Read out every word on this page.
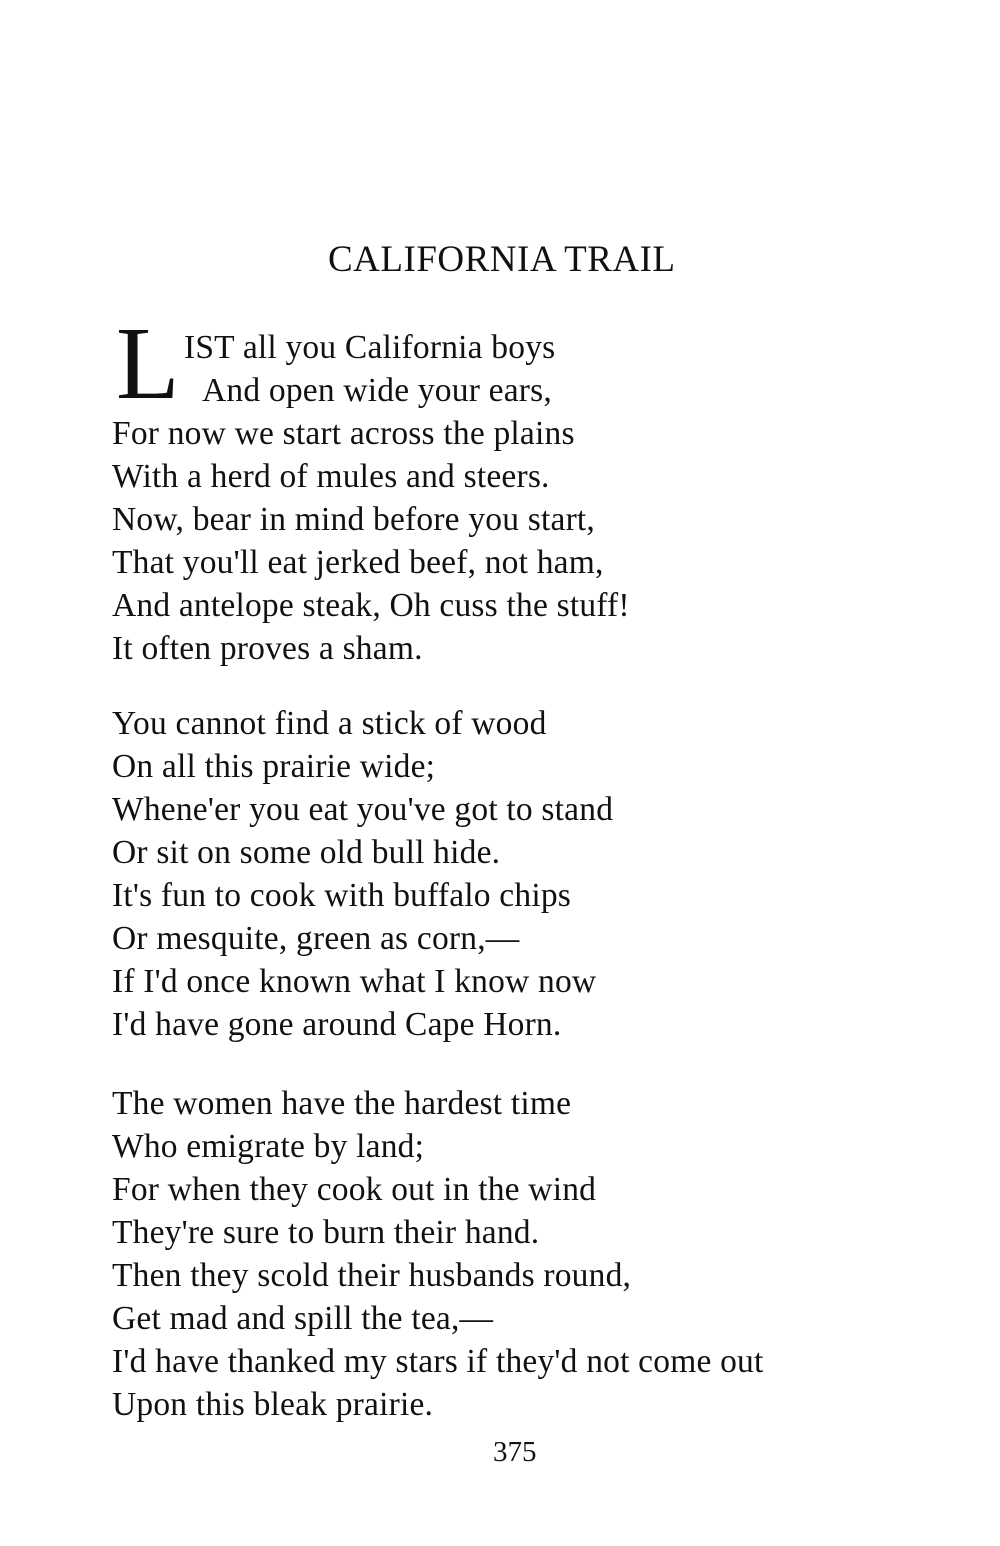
CALIFORNIA TRAIL
L IST all you California boys
And open wide your ears,
For now we start across the plains
With a herd of mules and steers.
Now, bear in mind before you start,
That you'll eat jerked beef, not ham,
And antelope steak, Oh cuss the stuff!
It often proves a sham.
You cannot find a stick of wood
On all this prairie wide;
Whene'er you eat you've got to stand
Or sit on some old bull hide.
It's fun to cook with buffalo chips
Or mesquite, green as corn,—
If I'd once known what I know now
I'd have gone around Cape Horn.
The women have the hardest time
Who emigrate by land;
For when they cook out in the wind
They're sure to burn their hand.
Then they scold their husbands round,
Get mad and spill the tea,—
I'd have thanked my stars if they'd not come out
Upon this bleak prairie.
375
